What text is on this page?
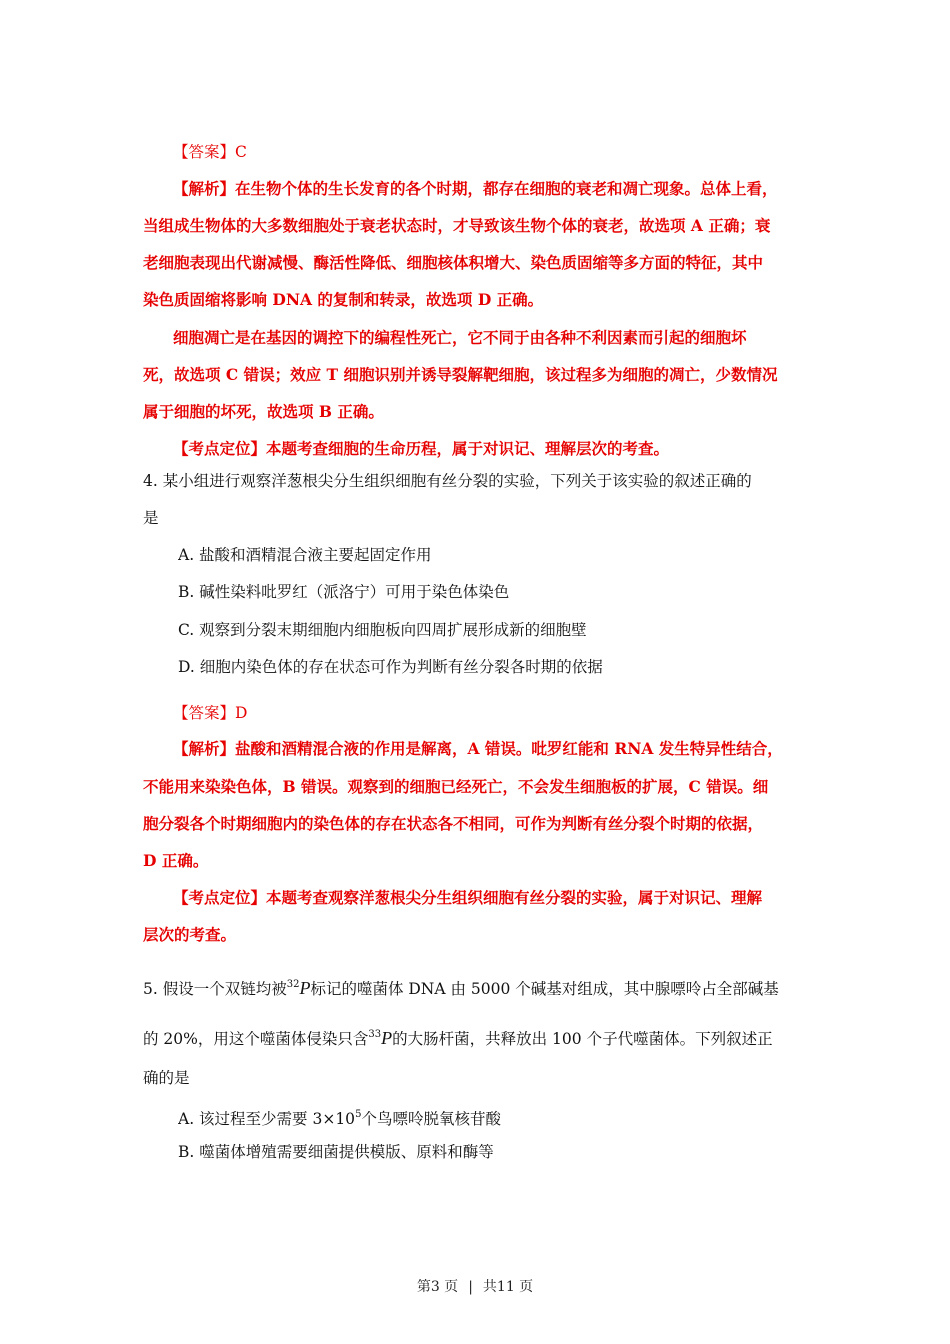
【答案】C
【解析】在生物个体的生长发育的各个时期，都存在细胞的衰老和凋亡现象。总体上看，
当组成生物体的大多数细胞处于衰老状态时，才导致该生物个体的衰老，故选项 A 正确；衰
老细胞表现出代谢减慢、酶活性降低、细胞核体积增大、染色质固缩等多方面的特征，其中
染色质固缩将影响 DNA 的复制和转录，故选项 D 正确。
细胞凋亡是在基因的调控下的编程性死亡，它不同于由各种不利因素而引起的细胞坏
死，故选项 C 错误；效应 T 细胞识别并诱导裂解靶细胞，该过程多为细胞的凋亡，少数情况
属于细胞的坏死，故选项 B 正确。
【考点定位】本题考查细胞的生命历程，属于对识记、理解层次的考查。
4. 某小组进行观察洋葱根尖分生组织细胞有丝分裂的实验，下列关于该实验的叙述正确的
是
A. 盐酸和酒精混合液主要起固定作用
B. 碱性染料吡罗红（派洛宁）可用于染色体染色
C. 观察到分裂末期细胞内细胞板向四周扩展形成新的细胞壁
D. 细胞内染色体的存在状态可作为判断有丝分裂各时期的依据
【答案】D
【解析】盐酸和酒精混合液的作用是解离，A 错误。吡罗红能和 RNA 发生特异性结合，
不能用来染染色体，B 错误。观察到的细胞已经死亡，不会发生细胞板的扩展，C 错误。细
胞分裂各个时期细胞内的染色体的存在状态各不相同，可作为判断有丝分裂个时期的依据，
D 正确。
【考点定位】本题考查观察洋葱根尖分生组织细胞有丝分裂的实验，属于对识记、理解
层次的考查。
5. 假设一个双链均被$^{32}$P标记的噬菌体 DNA 由 5000 个碱基对组成，其中腺嘌呤占全部碱基
的 20%，用这个噬菌体侵染只含$^{33}$P的大肠杆菌，共释放出 100 个子代噬菌体。下列叙述正
确的是
A. 该过程至少需要 $3\times 10^5$个鸟嘌呤脱氧核苷酸
B. 噬菌体增殖需要细菌提供模版、原料和酶等
第3 页 | 共11 页
